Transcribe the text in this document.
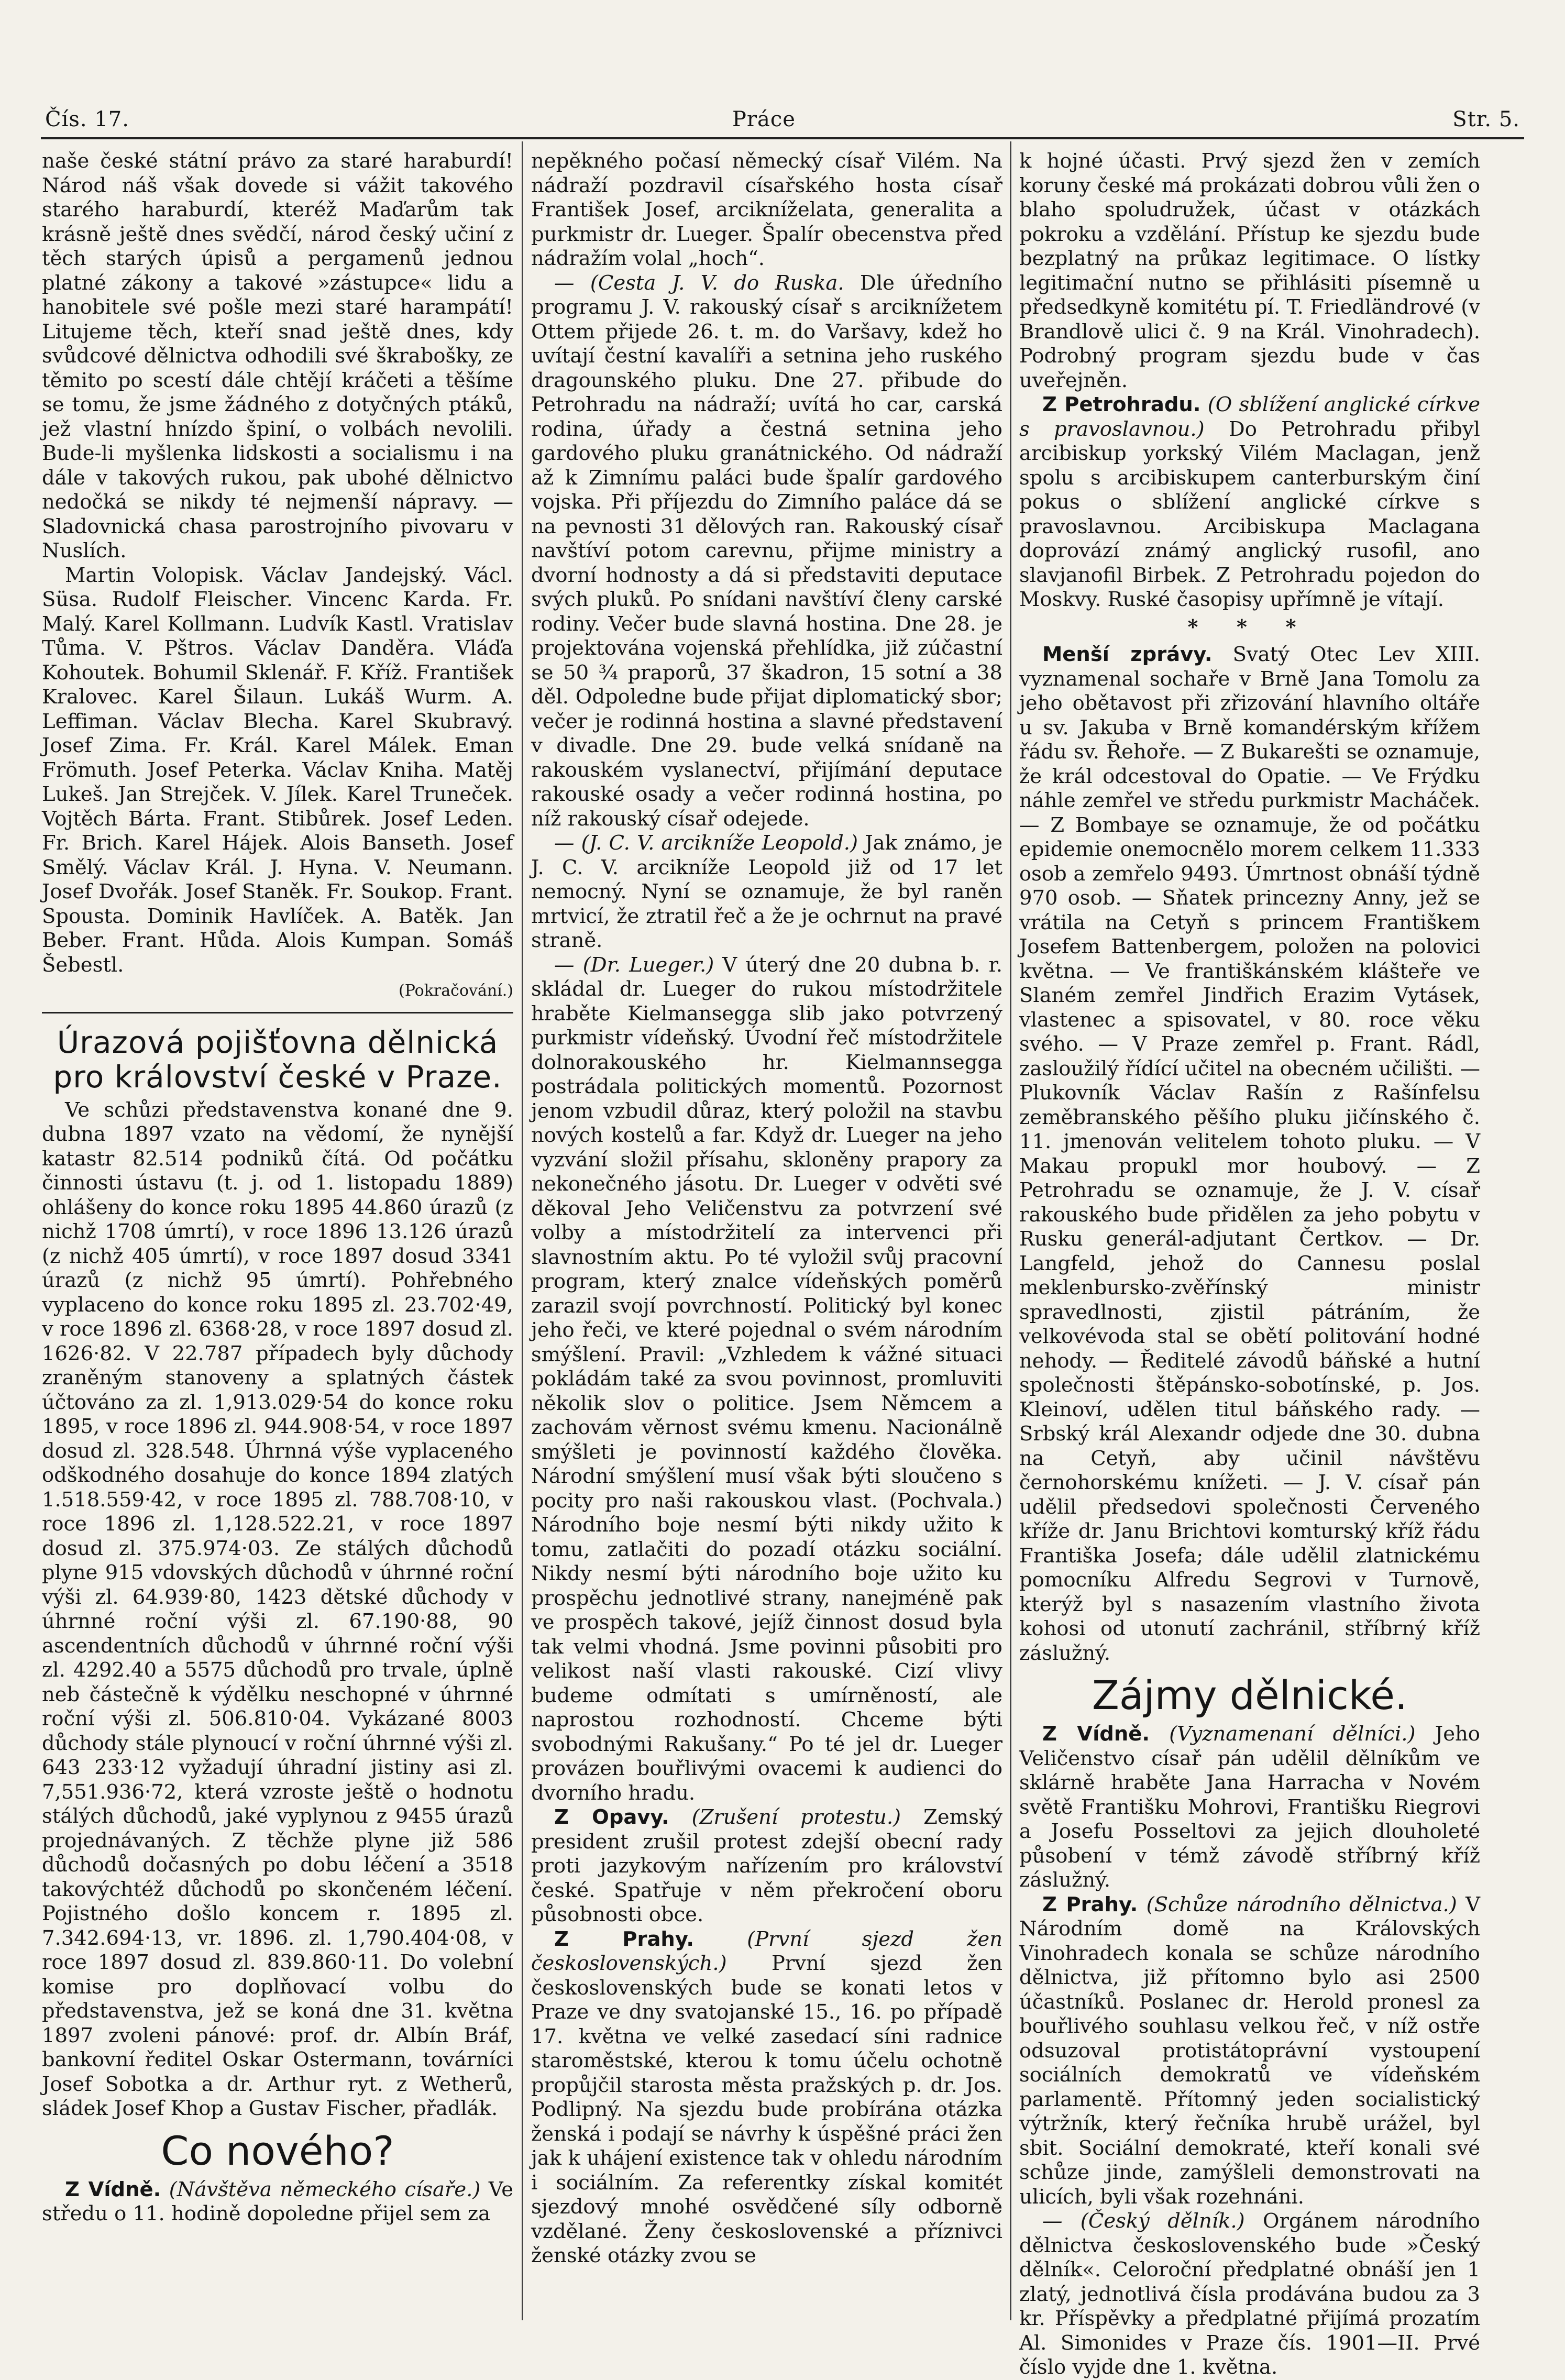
Čís. 17.	Práce	Str. 5.

naše české státní právo za staré haraburdí! Národ náš však dovede si vážit takového starého haraburdí, kteréž Maďarům tak krásně ještě dnes svědčí, národ český učiní z těch starých úpisů a pergamenů jednou platné zákony a takové »zástupce« lidu a hanobitele své pošle mezi staré harampátí! Litujeme těch, kteří snad ještě dnes, kdy svůdcové dělnictva odhodili své škrabošky, ze těmito po scestí dále chtějí kráčeti a těšíme se tomu, že jsme žádného z dotyčných ptáků, jež vlastní hnízdo špiní, o volbách nevolili. Bude-li myšlenka lidskosti a socialismu i na dále v takových rukou, pak ubohé dělnictvo nedočká se nikdy té nejmenší nápravy. — Sladovnická chasa parostrojního pivovaru v Nuslích.

Martin Volopisk. Václav Jandejský. Václ. Süsa. Rudolf Fleischer. Vincenc Karda. Fr. Malý. Karel Kollmann. Ludvík Kastl. Vratislav Tůma. V. Pštros. Václav Danděra. Vláďa Kohoutek. Bohumil Sklenář. F. Kříž. František Kralovec. Karel Šilaun. Lukáš Wurm. A. Leffiman. Václav Blecha. Karel Skubravý. Josef Zima. Fr. Král. Karel Málek. Eman Frömuth. Josef Peterka. Václav Kniha. Matěj Lukeš. Jan Strejček. V. Jílek. Karel Truneček. Vojtěch Bárta. Frant. Stibůrek. Josef Leden. Fr. Brich. Karel Hájek. Alois Banseth. Josef Smělý. Václav Král. J. Hyna. V. Neumann. Josef Dvořák. Josef Staněk. Fr. Soukop. Frant. Spousta. Dominik Havlíček. A. Batěk. Jan Beber. Frant. Hůda. Alois Kumpan. Somáš Šebestl.

(Pokračování.)

Úrazová pojišťovna dělnická pro království české v Praze.

Ve schůzi představenstva konané dne 9. dubna 1897 vzato na vědomí, že nynější katastr 82.514 podniků čítá. Od počátku činnosti ústavu (t. j. od 1. listopadu 1889) ohlášeny do konce roku 1895 44.860 úrazů (z nichž 1708 úmrtí), v roce 1896 13.126 úrazů (z nichž 405 úmrtí), v roce 1897 dosud 3341 úrazů (z nichž 95 úmrtí). Pohřebného vyplaceno do konce roku 1895 zl. 23.702·49, v roce 1896 zl. 6368·28, v roce 1897 dosud zl. 1626·82. V 22.787 případech byly důchody zraněným stanoveny a splatných částek účtováno za zl. 1,913.029·54 do konce roku 1895, v roce 1896 zl. 944.908·54, v roce 1897 dosud zl. 328.548. Úhrnná výše vyplaceného odškodného dosahuje do konce 1894 zlatých 1.518.559·42, v roce 1895 zl. 788.708·10, v roce 1896 zl. 1,128.522.21, v roce 1897 dosud zl. 375.974·03. Ze stálých důchodů plyne 915 vdovských důchodů v úhrnné roční výši zl. 64.939·80, 1423 dětské důchody v úhrnné roční výši zl. 67.190·88, 90 ascendentních důchodů v úhrnné roční výši zl. 4292.40 a 5575 důchodů pro trvale, úplně neb částečně k výdělku neschopné v úhrnné roční výši zl. 506.810·04. Vykázané 8003 důchody stále plynoucí v roční úhrnné výši zl. 643 233·12 vyžadují úhradní jistiny asi zl. 7,551.936·72, která vzroste ještě o hodnotu stálých důchodů, jaké vyplynou z 9455 úrazů projednávaných. Z těchže plyne již 586 důchodů dočasných po dobu léčení a 3518 takovýchtéž důchodů po skončeném léčení. Pojistného došlo koncem r. 1895 zl. 7.342.694·13, vr. 1896. zl. 1,790.404·08, v roce 1897 dosud zl. 839.860·11. Do volební komise pro doplňovací volbu do představenstva, jež se koná dne 31. května 1897 zvoleni pánové: prof. dr. Albín Bráf, bankovní ředitel Oskar Ostermann, továrníci Josef Sobotka a dr. Arthur ryt. z Wetherů, sládek Josef Khop a Gustav Fischer, přadlák.

Co nového?

Z Vídně. (Návštěva německého císaře.) Ve středu o 11. hodině dopoledne přijel sem za

nepěkného počasí německý císař Vilém. Na nádraží pozdravil císařského hosta císař František Josef, arcikníželata, generalita a purkmistr dr. Lueger. Špalír obecenstva před nádražím volal „hoch“.

— (Cesta J. V. do Ruska. Dle úředního programu J. V. rakouský císař s arciknížetem Ottem přijede 26. t. m. do Varšavy, kdež ho uvítají čestní kavalíři a setnina jeho ruského dragounského pluku. Dne 27. přibude do Petrohradu na nádraží; uvítá ho car, carská rodina, úřady a čestná setnina jeho gardového pluku granátnického. Od nádraží až k Zimnímu paláci bude špalír gardového vojska. Při příjezdu do Zimního paláce dá se na pevnosti 31 dělových ran. Rakouský císař navštíví potom carevnu, přijme ministry a dvorní hodnosty a dá si představiti deputace svých pluků. Po snídani navštíví členy carské rodiny. Večer bude slavná hostina. Dne 28. je projektována vojenská přehlídka, již zúčastní se 50 ¾ praporů, 37 škadron, 15 sotní a 38 děl. Odpoledne bude přijat diplomatický sbor; večer je rodinná hostina a slavné představení v divadle. Dne 29. bude velká snídaně na rakouském vyslanectví, přijímání deputace rakouské osady a večer rodinná hostina, po níž rakouský císař odejede.

— (J. C. V. arcikníže Leopold.) Jak známo, je J. C. V. arcikníže Leopold již od 17 let nemocný. Nyní se oznamuje, že byl raněn mrtvicí, že ztratil řeč a že je ochrnut na pravé straně.

— (Dr. Lueger.) V úterý dne 20 dubna b. r. skládal dr. Lueger do rukou místodržitele hraběte Kielmansegga slib jako potvrzený purkmistr vídeňský. Úvodní řeč místodržitele dolnorakouského hr. Kielmannsegga postrádala politických momentů. Pozornost jenom vzbudil důraz, který položil na stavbu nových kostelů a far. Když dr. Lueger na jeho vyzvání složil přísahu, skloněny prapory za nekonečného jásotu. Dr. Lueger v odvěti své děkoval Jeho Veličenstvu za potvrzení své volby a místodržitelí za intervenci při slavnostním aktu. Po té vyložil svůj pracovní program, který znalce vídeňských poměrů zarazil svojí povrchností. Politický byl konec jeho řeči, ve které pojednal o svém národním smýšlení. Pravil: „Vzhledem k vážné situaci pokládám také za svou povinnost, promluviti několik slov o politice. Jsem Němcem a zachovám věrnost svému kmenu. Nacionálně smýšleti je povinností každého člověka. Národní smýšlení musí však býti sloučeno s pocity pro naši rakouskou vlast. (Pochvala.) Národního boje nesmí býti nikdy užito k tomu, zatlačiti do pozadí otázku sociální. Nikdy nesmí býti národního boje užito ku prospěchu jednotlivé strany, nanejméně pak ve prospěch takové, jejíž činnost dosud byla tak velmi vhodná. Jsme povinni působiti pro velikost naší vlasti rakouské. Cizí vlivy budeme odmítati s umírněností, ale naprostou rozhodností. Chceme býti svobodnými Rakušany.“ Po té jel dr. Lueger provázen bouřlivými ovacemi k audienci do dvorního hradu.

Z Opavy. (Zrušení protestu.) Zemský president zrušil protest zdejší obecní rady proti jazykovým nařízením pro království české. Spatřuje v něm překročení oboru působnosti obce.

Z Prahy.	(První sjezd žen československých.) První sjezd žen československých bude se konati letos v Praze ve dny svatojanské 15., 16. po případě 17. května ve velké zasedací síni radnice staroměstské, kterou k tomu účelu ochotně propůjčil starosta města pražských p. dr. Jos. Podlipný. Na sjezdu bude probírána otázka ženská i podají se návrhy k úspěšné práci žen jak k uhájení existence tak v ohledu národním i sociálním. Za referentky získal komitét sjezdový mnohé osvědčené síly odborně vzdělané. Ženy československé a příznivci ženské otázky zvou se

k hojné účasti. Prvý sjezd žen v zemích koruny české má prokázati dobrou vůli žen o blaho spoludružek, účast v otázkách pokroku a vzdělání. Přístup ke sjezdu bude bezplatný na průkaz legitimace. O lístky legitimační nutno se přihlásiti písemně u předsedkyně komitétu pí. T. Friedländrové (v Brandlově ulici č. 9 na Král. Vinohradech). Podrobný program sjezdu bude v čas uveřejněn.

Z Petrohradu. (O sblížení anglické církve s pravoslavnou.) Do Petrohradu přibyl arcibiskup yorkský Vilém Maclagan, jenž spolu s arcibiskupem canterburským činí pokus o sblížení anglické církve s pravoslavnou. Arcibiskupa Maclagana doprovází známý anglický rusofil, ano slavjanofil Birbek. Z Petrohradu pojedon do Moskvy. Ruské časopisy upřímně je vítají.

* * *

Menší zprávy. Svatý Otec Lev XIII. vyznamenal sochaře v Brně Jana Tomolu za jeho obětavost při zřizování hlavního oltáře u sv. Jakuba v Brně komandérským křížem řádu sv. Řehoře. — Z Bukarešti se oznamuje, že král odcestoval do Opatie. — Ve Frýdku náhle zemřel ve středu purkmistr Macháček. — Z Bombaye se oznamuje, že od počátku epidemie onemocnělo morem celkem 11.333 osob a zemřelo 9493. Úmrtnost obnáší týdně 970 osob. — Sňatek princezny Anny, jež se vrátila na Cetyň s princem Františkem Josefem Battenbergem, položen na polovici května. — Ve františkánském klášteře ve Slaném zemřel Jindřich Erazim Vytásek, vlastenec a spisovatel, v 80. roce věku svého. — V Praze zemřel p. Frant. Rádl, zasloužilý řídící učitel na obecném učilišti. — Plukovník Václav Rašín z Rašínfelsu zeměbranského pěšího pluku jičínského č. 11. jmenován velitelem tohoto pluku. — V Makau propukl mor houbový. — Z Petrohradu se oznamuje, že J. V. císař rakouského bude přidělen za jeho pobytu v Rusku generál-adjutant Čertkov. — Dr. Langfeld, jehož do Cannesu poslal meklenbursko-zvěřínský ministr spravedlnosti, zjistil pátráním, že velkovévoda stal se obětí politování hodné nehody. — Ředitelé závodů báňské a hutní společnosti štěpánsko-sobotínské, p. Jos. Kleinoví, udělen titul báňského rady. — Srbský král Alexandr odjede dne 30. dubna na Cetyň, aby učinil návštěvu černohorskému knížeti. — J. V. císař pán udělil předsedovi společnosti Červeného kříže dr. Janu Brichtovi komturský kříž řádu Františka Josefa; dále udělil zlatnickému pomocníku Alfredu Segrovi v Turnově, kterýž byl s nasazením vlastního života kohosi od utonutí zachránil, stříbrný kříž záslužný.

Zájmy dělnické.

Z Vídně. (Vyznamenaní dělníci.) Jeho Veličenstvo císař pán udělil dělníkům ve sklárně hraběte Jana Harracha v Novém světě Františku Mohrovi, Františku Riegrovi a Josefu Posseltovi za jejich dlouholeté působení v témž závodě stříbrný kříž záslužný.

Z Prahy. (Schůze národního dělnictva.) V Národním domě na Královských Vinohradech konala se schůze národního dělnictva, již přítomno bylo asi 2500 účastníků. Poslanec dr. Herold pronesl za bouřlivého souhlasu velkou řeč, v níž ostře odsuzoval protistátoprávní vystoupení sociálních demokratů ve vídeňském parlamentě. Přítomný jeden socialistický výtržník, který řečníka hrubě urážel, byl sbit. Sociální demokraté, kteří konali své schůze jinde, zamýšleli demonstrovati na ulicích, byli však rozehnáni.

— (Český dělník.) Orgánem národního dělnictva československého bude »Český dělník«. Celoroční předplatné obnáší jen 1 zlatý, jednotlivá čísla prodávána budou za 3 kr. Příspěvky a předplatné přijímá prozatím Al. Simonides v Praze čís. 1901—II. Prvé číslo vyjde dne 1. května.
